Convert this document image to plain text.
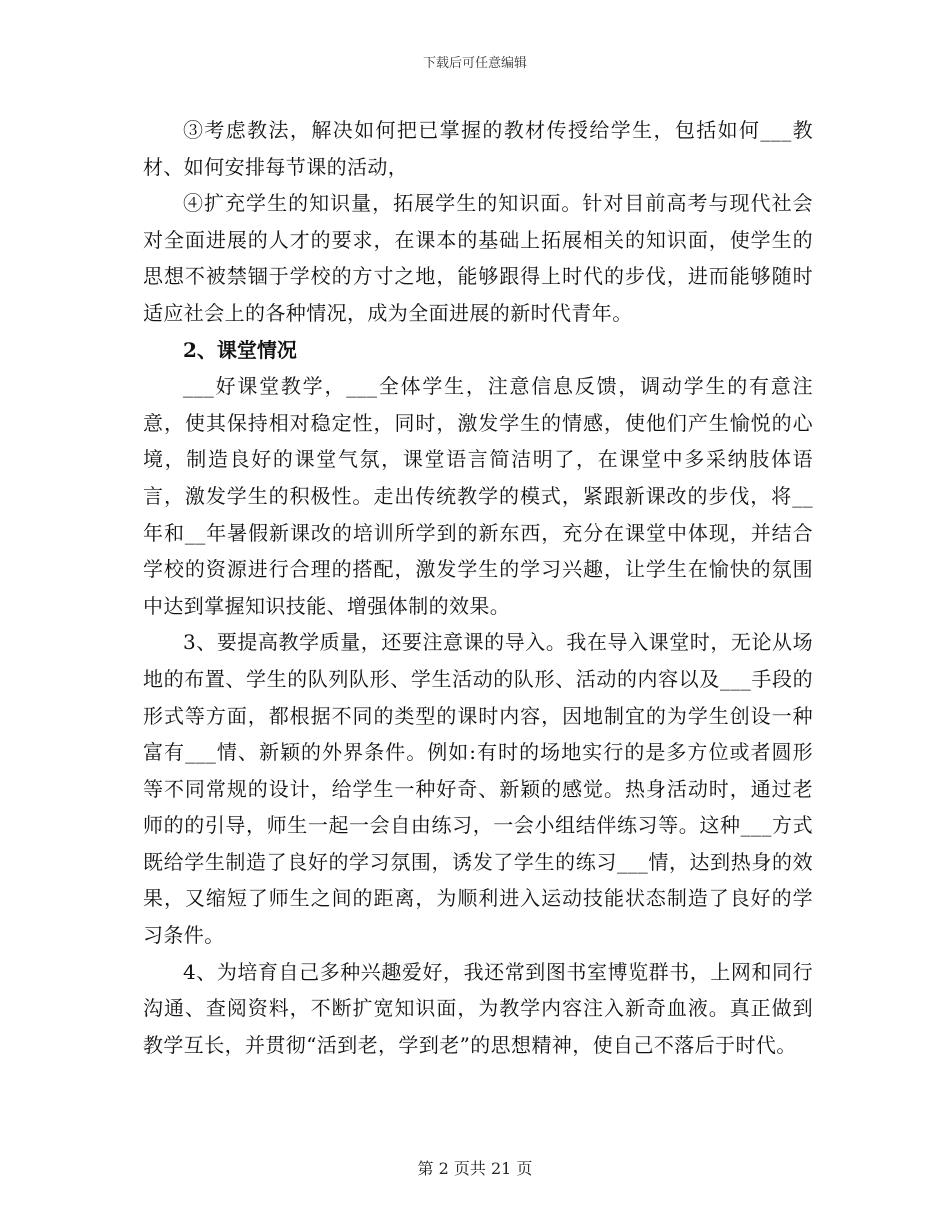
下载后可任意编辑

③考虑教法，解决如何把已掌握的教材传授给学生，包括如何___教材、如何安排每节课的活动，

④扩充学生的知识量，拓展学生的知识面。针对目前高考与现代社会对全面进展的人才的要求，在课本的基础上拓展相关的知识面，使学生的思想不被禁锢于学校的方寸之地，能够跟得上时代的步伐，进而能够随时适应社会上的各种情况，成为全面进展的新时代青年。

2、课堂情况

___好课堂教学，___全体学生，注意信息反馈，调动学生的有意注意，使其保持相对稳定性，同时，激发学生的情感，使他们产生愉悦的心境，制造良好的课堂气氛，课堂语言简洁明了，在课堂中多采纳肢体语言，激发学生的积极性。走出传统教学的模式，紧跟新课改的步伐，将__年和__年暑假新课改的培训所学到的新东西，充分在课堂中体现，并结合学校的资源进行合理的搭配，激发学生的学习兴趣，让学生在愉快的氛围中达到掌握知识技能、增强体制的效果。

3、要提高教学质量，还要注意课的导入。我在导入课堂时，无论从场地的布置、学生的队列队形、学生活动的队形、活动的内容以及___手段的形式等方面，都根据不同的类型的课时内容，因地制宜的为学生创设一种富有___情、新颖的外界条件。例如:有时的场地实行的是多方位或者圆形等不同常规的设计，给学生一种好奇、新颖的感觉。热身活动时，通过老师的的引导，师生一起一会自由练习，一会小组结伴练习等。这种___方式既给学生制造了良好的学习氛围，诱发了学生的练习___情，达到热身的效果，又缩短了师生之间的距离，为顺利进入运动技能状态制造了良好的学习条件。

4、为培育自己多种兴趣爱好，我还常到图书室博览群书，上网和同行沟通、查阅资料，不断扩宽知识面，为教学内容注入新奇血液。真正做到教学互长，并贯彻“活到老，学到老”的思想精神，使自己不落后于时代。

第 2 页共 21 页
